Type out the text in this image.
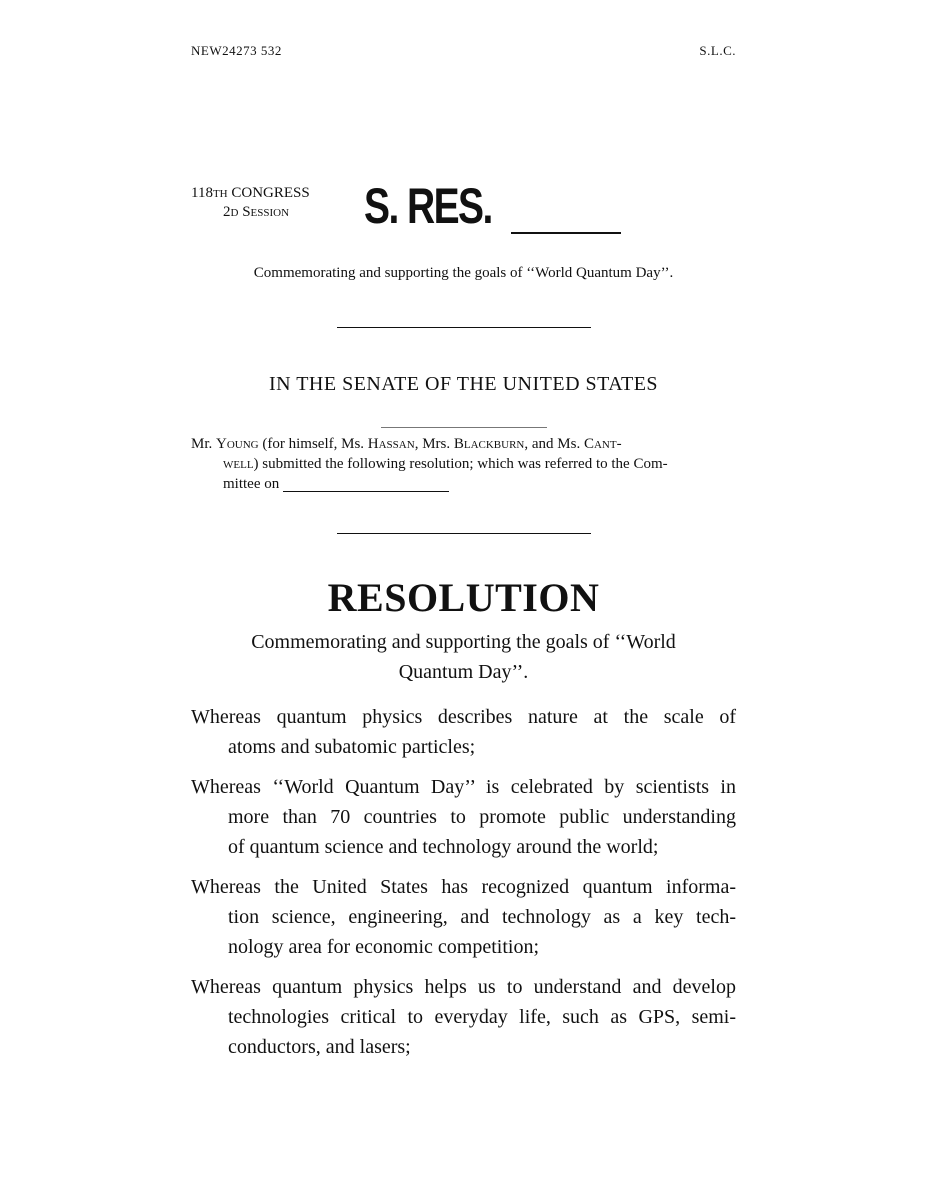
NEW24273 532	S.L.C.
118TH CONGRESS
2D Session	S. RES.
Commemorating and supporting the goals of ‘‘World Quantum Day’’.
IN THE SENATE OF THE UNITED STATES
Mr. Young (for himself, Ms. Hassan, Mrs. Blackburn, and Ms. Cant-
well) submitted the following resolution; which was referred to the Com-
mittee on
RESOLUTION
Commemorating and supporting the goals of ‘‘World
Quantum Day’’.
Whereas quantum physics describes nature at the scale of
atoms and subatomic particles;
Whereas ‘‘World Quantum Day’’ is celebrated by scientists in
more than 70 countries to promote public understanding
of quantum science and technology around the world;
Whereas the United States has recognized quantum informa-
tion science, engineering, and technology as a key tech-
nology area for economic competition;
Whereas quantum physics helps us to understand and develop
technologies critical to everyday life, such as GPS, semi-
conductors, and lasers;
